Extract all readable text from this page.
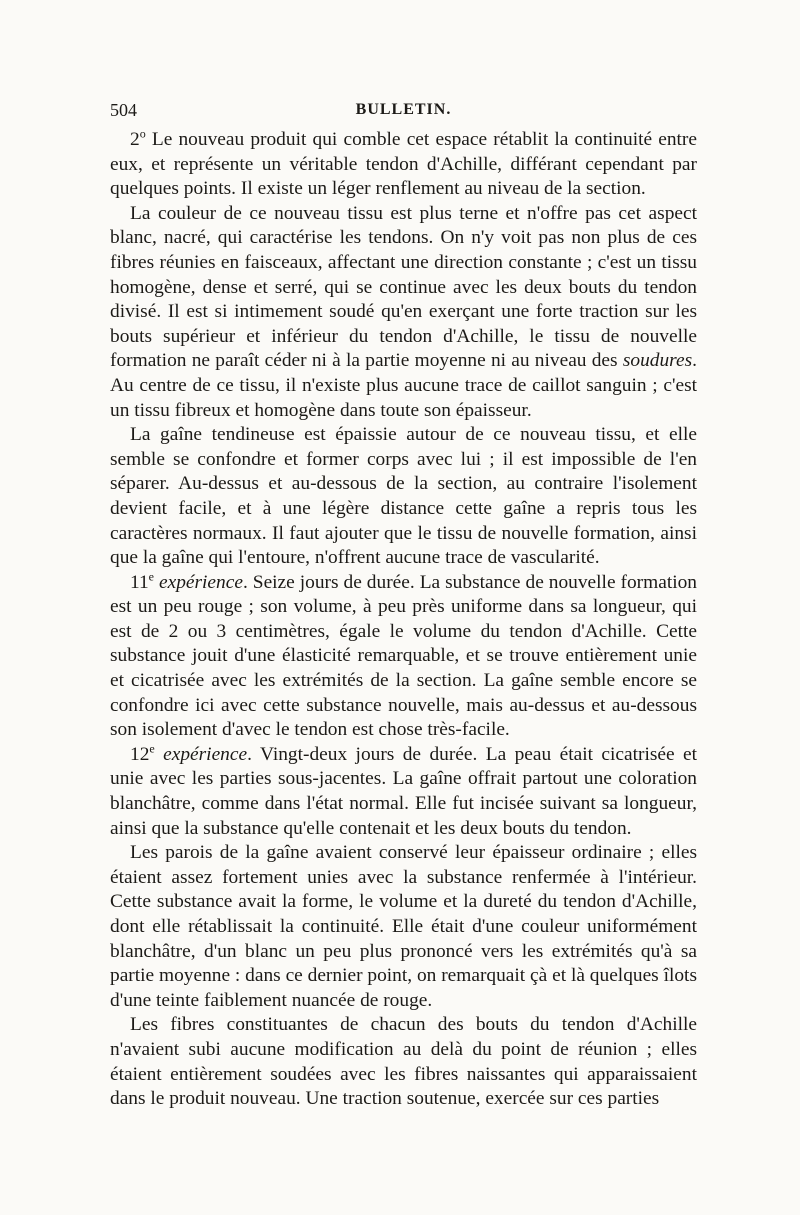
504	BULLETIN.

2$^o$ Le nouveau produit qui comble cet espace rétablit la continuité entre eux, et représente un véritable tendon d'Achille, différant cependant par quelques points. Il existe un léger renflement au niveau de la section.

La couleur de ce nouveau tissu est plus terne et n'offre pas cet aspect blanc, nacré, qui caractérise les tendons. On n'y voit pas non plus de ces fibres réunies en faisceaux, affectant une direction constante ; c'est un tissu homogène, dense et serré, qui se continue avec les deux bouts du tendon divisé. Il est si intimement soudé qu'en exerçant une forte traction sur les bouts supérieur et inférieur du tendon d'Achille, le tissu de nouvelle formation ne paraît céder ni à la partie moyenne ni au niveau des soudures. Au centre de ce tissu, il n'existe plus aucune trace de caillot sanguin ; c'est un tissu fibreux et homogène dans toute son épaisseur.

La gaîne tendineuse est épaissie autour de ce nouveau tissu, et elle semble se confondre et former corps avec lui ; il est impossible de l'en séparer. Au-dessus et au-dessous de la section, au contraire l'isolement devient facile, et à une légère distance cette gaîne a repris tous les caractères normaux. Il faut ajouter que le tissu de nouvelle formation, ainsi que la gaîne qui l'entoure, n'offrent aucune trace de vascularité.

11e expérience. Seize jours de durée. La substance de nouvelle formation est un peu rouge ; son volume, à peu près uniforme dans sa longueur, qui est de 2 ou 3 centimètres, égale le volume du tendon d'Achille. Cette substance jouit d'une élasticité remarquable, et se trouve entièrement unie et cicatrisée avec les extrémités de la section. La gaîne semble encore se confondre ici avec cette substance nouvelle, mais au-dessus et au-dessous son isolement d'avec le tendon est chose très-facile.

12e expérience. Vingt-deux jours de durée. La peau était cicatrisée et unie avec les parties sous-jacentes. La gaîne offrait partout une coloration blanchâtre, comme dans l'état normal. Elle fut incisée suivant sa longueur, ainsi que la substance qu'elle contenait et les deux bouts du tendon.

Les parois de la gaîne avaient conservé leur épaisseur ordinaire ; elles étaient assez fortement unies avec la substance renfermée à l'intérieur. Cette substance avait la forme, le volume et la dureté du tendon d'Achille, dont elle rétablissait la continuité. Elle était d'une couleur uniformément blanchâtre, d'un blanc un peu plus prononcé vers les extrémités qu'à sa partie moyenne : dans ce dernier point, on remarquait çà et là quelques îlots d'une teinte faiblement nuancée de rouge.

Les fibres constituantes de chacun des bouts du tendon d'Achille n'avaient subi aucune modification au delà du point de réunion ; elles étaient entièrement soudées avec les fibres naissantes qui apparaissaient dans le produit nouveau. Une traction soutenue, exercée sur ces parties
